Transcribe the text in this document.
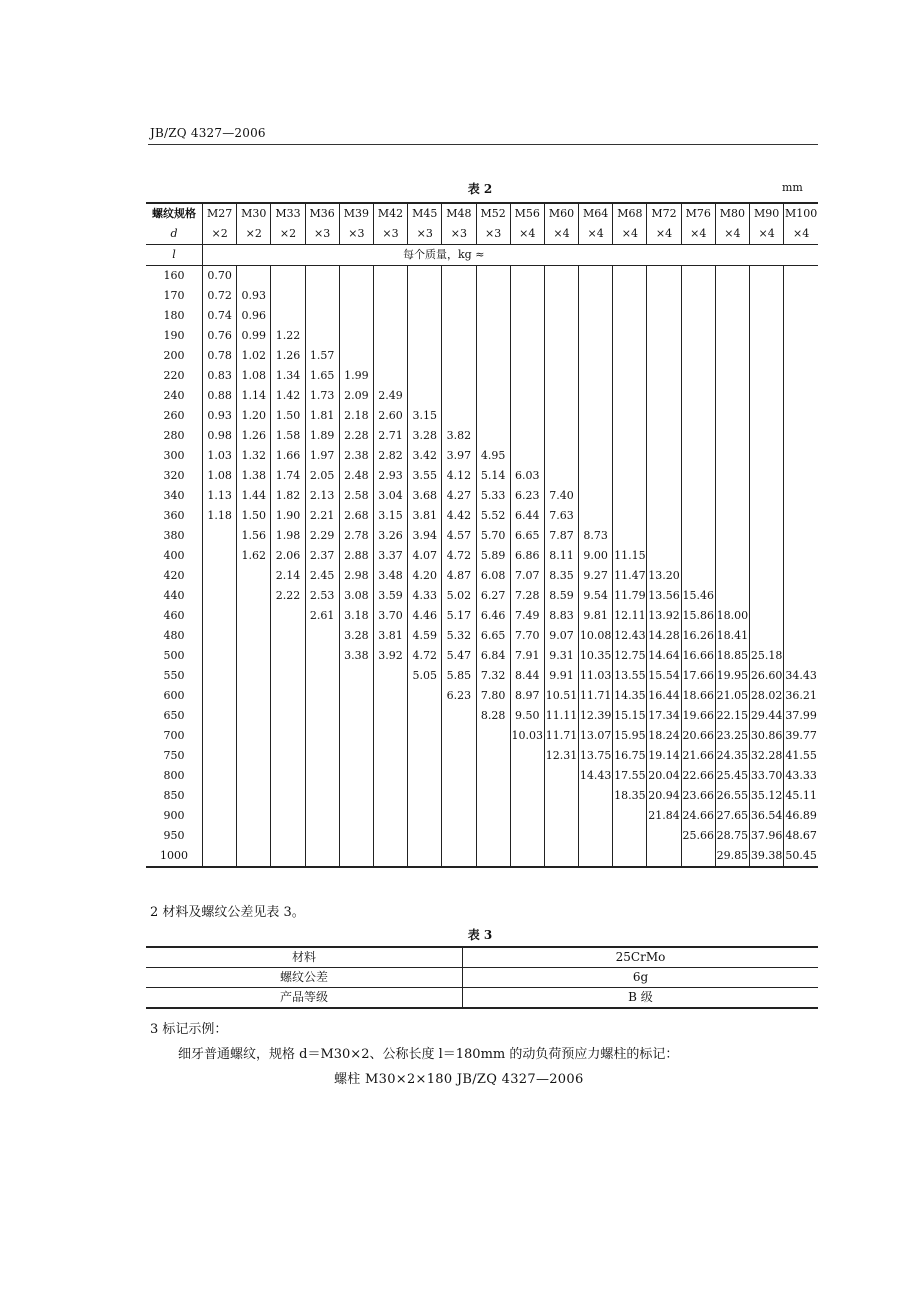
JB/ZQ 4327—2006
表 2	mm
螺纹规格	M27	M30	M33	M36	M39	M42	M45	M48	M52	M56	M60	M64	M68	M72	M76	M80	M90	M100
d	×2	×2	×2	×3	×3	×3	×3	×3	×3	×4	×4	×4	×4	×4	×4	×4	×4	×4
l	每个质量，kg ≈																	
160	0.70																	
170	0.72	0.93																
180	0.74	0.96																
190	0.76	0.99	1.22															
200	0.78	1.02	1.26	1.57														
220	0.83	1.08	1.34	1.65	1.99													
240	0.88	1.14	1.42	1.73	2.09	2.49												
260	0.93	1.20	1.50	1.81	2.18	2.60	3.15											
280	0.98	1.26	1.58	1.89	2.28	2.71	3.28	3.82										
300	1.03	1.32	1.66	1.97	2.38	2.82	3.42	3.97	4.95									
320	1.08	1.38	1.74	2.05	2.48	2.93	3.55	4.12	5.14	6.03								
340	1.13	1.44	1.82	2.13	2.58	3.04	3.68	4.27	5.33	6.23	7.40							
360	1.18	1.50	1.90	2.21	2.68	3.15	3.81	4.42	5.52	6.44	7.63							
380		1.56	1.98	2.29	2.78	3.26	3.94	4.57	5.70	6.65	7.87	8.73						
400		1.62	2.06	2.37	2.88	3.37	4.07	4.72	5.89	6.86	8.11	9.00	11.15					
420			2.14	2.45	2.98	3.48	4.20	4.87	6.08	7.07	8.35	9.27	11.47	13.20				
440			2.22	2.53	3.08	3.59	4.33	5.02	6.27	7.28	8.59	9.54	11.79	13.56	15.46			
460				2.61	3.18	3.70	4.46	5.17	6.46	7.49	8.83	9.81	12.11	13.92	15.86	18.00		
480					3.28	3.81	4.59	5.32	6.65	7.70	9.07	10.08	12.43	14.28	16.26	18.41		
500					3.38	3.92	4.72	5.47	6.84	7.91	9.31	10.35	12.75	14.64	16.66	18.85	25.18	
550							5.05	5.85	7.32	8.44	9.91	11.03	13.55	15.54	17.66	19.95	26.60	34.43
600								6.23	7.80	8.97	10.51	11.71	14.35	16.44	18.66	21.05	28.02	36.21
650									8.28	9.50	11.11	12.39	15.15	17.34	19.66	22.15	29.44	37.99
700										10.03	11.71	13.07	15.95	18.24	20.66	23.25	30.86	39.77
750											12.31	13.75	16.75	19.14	21.66	24.35	32.28	41.55
800												14.43	17.55	20.04	22.66	25.45	33.70	43.33
850													18.35	20.94	23.66	26.55	35.12	45.11
900														21.84	24.66	27.65	36.54	46.89
950															25.66	28.75	37.96	48.67
1000																29.85	39.38	50.45
2 材料及螺纹公差见表 3。
表 3
材料	25CrMo
螺纹公差	6g
产品等级	B 级
3 标记示例：
细牙普通螺纹，规格 d＝M30×2、公称长度 l＝180mm 的动负荷预应力螺柱的标记：
螺柱 M30×2×180 JB/ZQ 4327—2006
